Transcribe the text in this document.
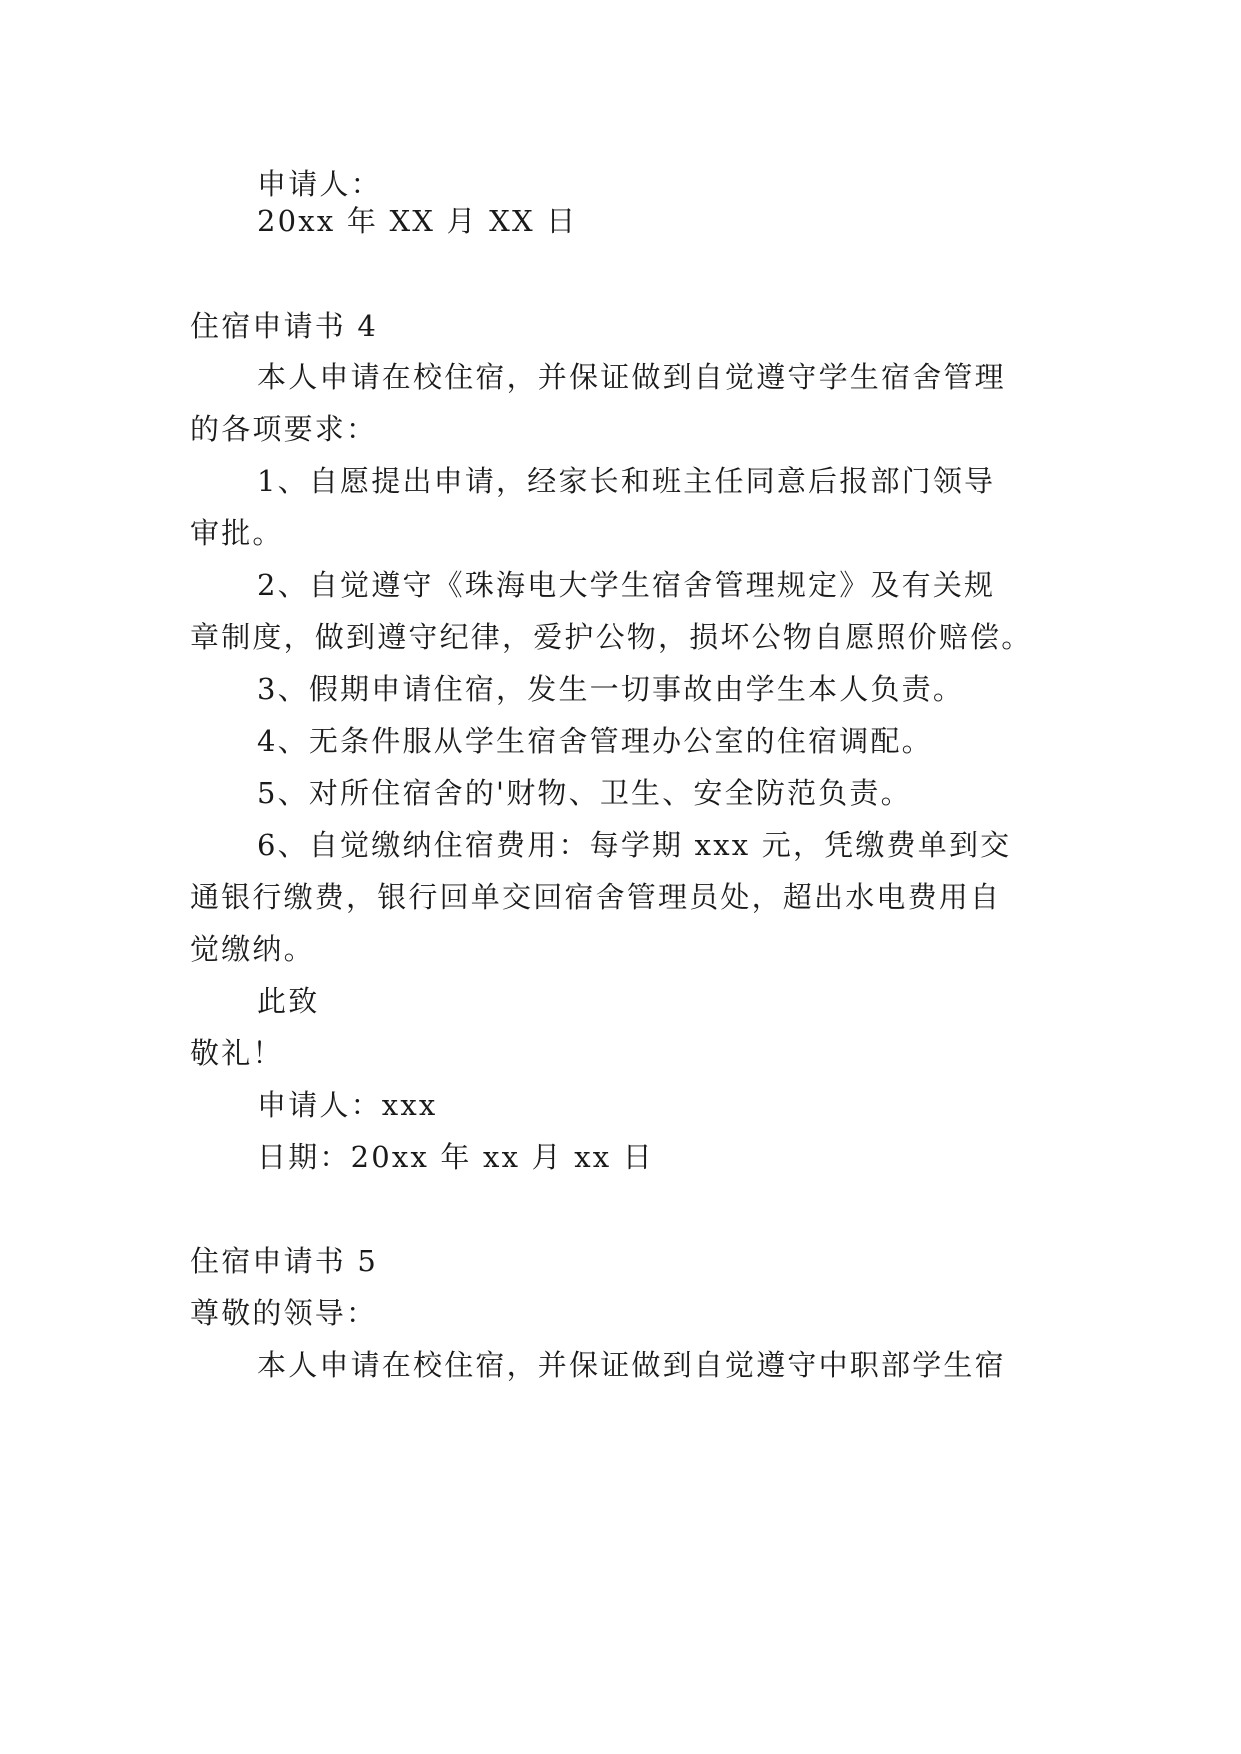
申请人：

20xx 年 XX 月 XX 日

住宿申请书 4

本人申请在校住宿，并保证做到自觉遵守学生宿舍管理

的各项要求：

1、自愿提出申请，经家长和班主任同意后报部门领导

审批。

2、自觉遵守《珠海电大学生宿舍管理规定》及有关规

章制度，做到遵守纪律，爱护公物，损坏公物自愿照价赔偿。

3、假期申请住宿，发生一切事故由学生本人负责。

4、无条件服从学生宿舍管理办公室的住宿调配。

5、对所住宿舍的'财物、卫生、安全防范负责。

6、自觉缴纳住宿费用：每学期 xxx 元，凭缴费单到交

通银行缴费，银行回单交回宿舍管理员处，超出水电费用自

觉缴纳。

此致

敬礼！

申请人：xxx

日期：20xx 年 xx 月 xx 日

住宿申请书 5

尊敬的领导：

本人申请在校住宿，并保证做到自觉遵守中职部学生宿
